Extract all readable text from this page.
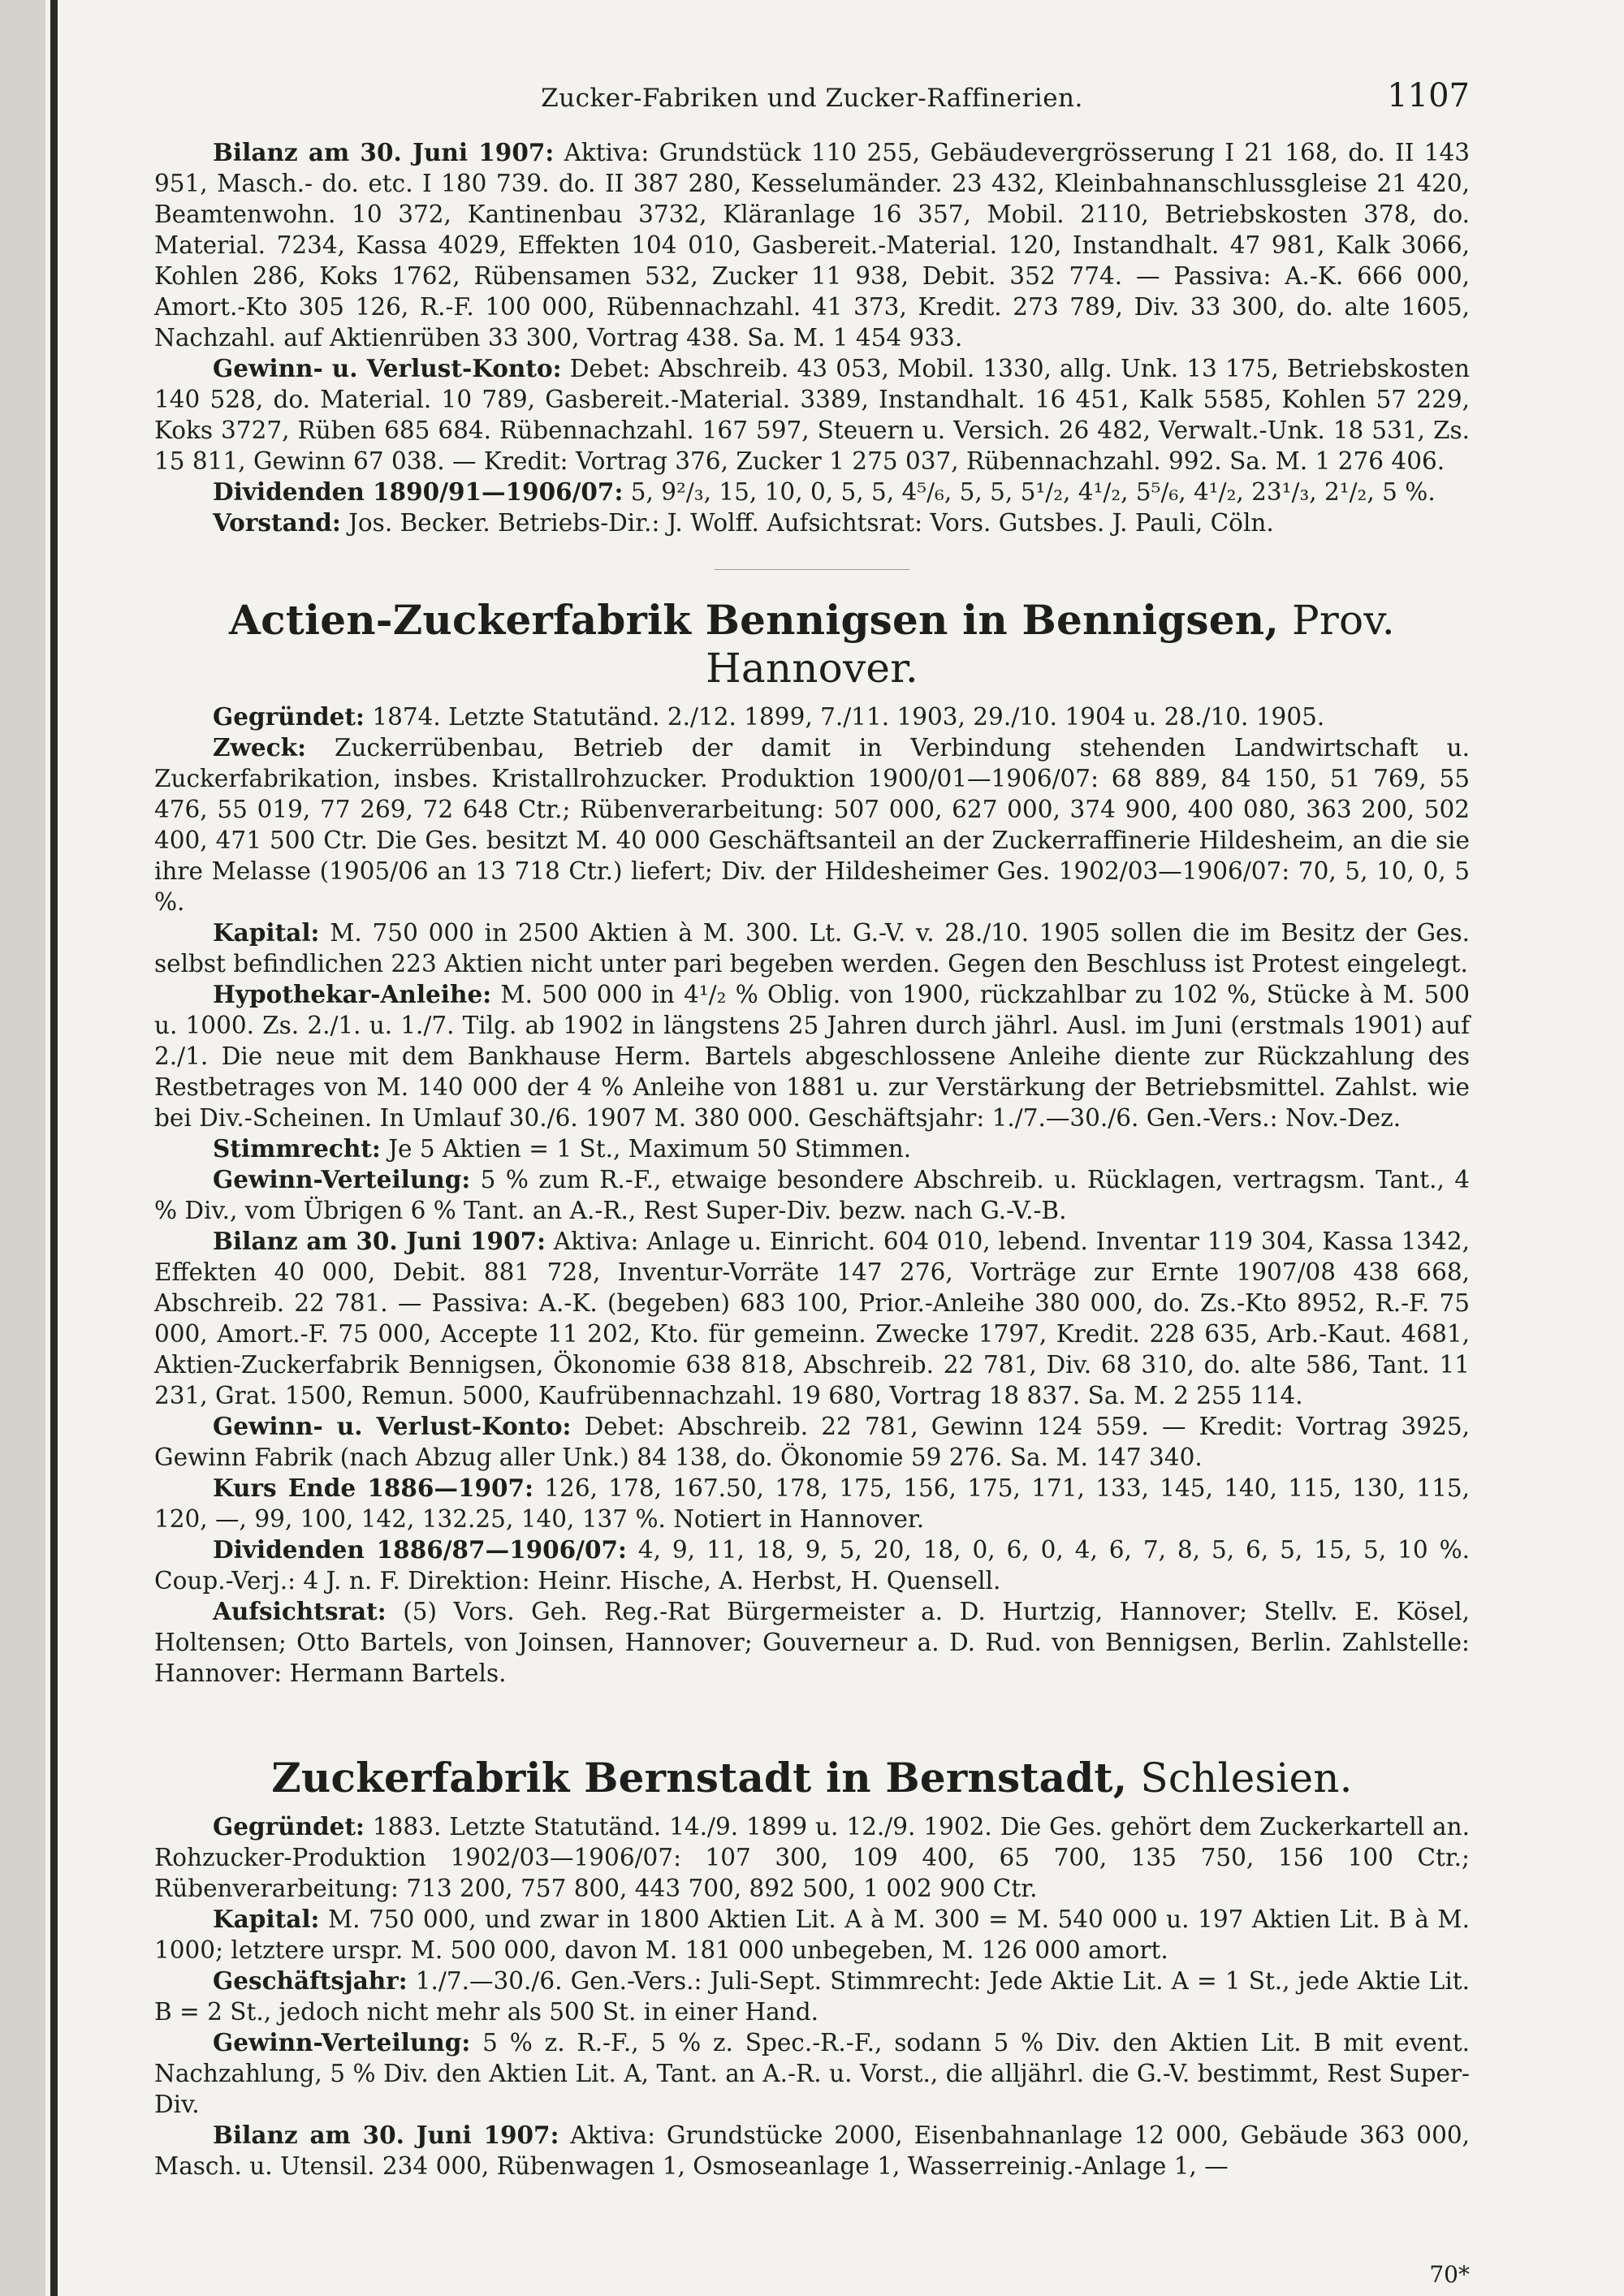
Zucker-Fabriken und Zucker-Raffinerien.	1107

Bilanz am 30. Juni 1907: Aktiva: Grundstück 110 255, Gebäudevergrösserung I 21 168, do. II 143 951, Masch.- do. etc. I 180 739. do. II 387 280, Kesselumänder. 23 432, Kleinbahnanschlussgleise 21 420, Beamtenwohn. 10 372, Kantinenbau 3732, Kläranlage 16 357, Mobil. 2110, Betriebskosten 378, do. Material. 7234, Kassa 4029, Effekten 104 010, Gasbereit.-Material. 120, Instandhalt. 47 981, Kalk 3066, Kohlen 286, Koks 1762, Rübensamen 532, Zucker 11 938, Debit. 352 774. — Passiva: A.-K. 666 000, Amort.-Kto 305 126, R.-F. 100 000, Rübennachzahl. 41 373, Kredit. 273 789, Div. 33 300, do. alte 1605, Nachzahl. auf Aktienrüben 33 300, Vortrag 438. Sa. M. 1 454 933.

Gewinn- u. Verlust-Konto: Debet: Abschreib. 43 053, Mobil. 1330, allg. Unk. 13 175, Betriebskosten 140 528, do. Material. 10 789, Gasbereit.-Material. 3389, Instandhalt. 16 451, Kalk 5585, Kohlen 57 229, Koks 3727, Rüben 685 684. Rübennachzahl. 167 597, Steuern u. Versich. 26 482, Verwalt.-Unk. 18 531, Zs. 15 811, Gewinn 67 038. — Kredit: Vortrag 376, Zucker 1 275 037, Rübennachzahl. 992. Sa. M. 1 276 406.

Dividenden 1890/91—1906/07: 5, 9²/₃, 15, 10, 0, 5, 5, 4⁵/₆, 5, 5, 5¹/₂, 4¹/₂, 5⁵/₆, 4¹/₂, 23¹/₃, 2¹/₂, 5 %.

Vorstand: Jos. Becker. Betriebs-Dir.: J. Wolff. Aufsichtsrat: Vors. Gutsbes. J. Pauli, Cöln.

Actien-Zuckerfabrik Bennigsen in Bennigsen, Prov. Hannover.

Gegründet: 1874. Letzte Statutänd. 2./12. 1899, 7./11. 1903, 29./10. 1904 u. 28./10. 1905.

Zweck: Zuckerrübenbau, Betrieb der damit in Verbindung stehenden Landwirtschaft u. Zuckerfabrikation, insbes. Kristallrohzucker. Produktion 1900/01—1906/07: 68 889, 84 150, 51 769, 55 476, 55 019, 77 269, 72 648 Ctr.; Rübenverarbeitung: 507 000, 627 000, 374 900, 400 080, 363 200, 502 400, 471 500 Ctr. Die Ges. besitzt M. 40 000 Geschäftsanteil an der Zuckerraffinerie Hildesheim, an die sie ihre Melasse (1905/06 an 13 718 Ctr.) liefert; Div. der Hildesheimer Ges. 1902/03—1906/07: 70, 5, 10, 0, 5 %.

Kapital: M. 750 000 in 2500 Aktien à M. 300. Lt. G.-V. v. 28./10. 1905 sollen die im Besitz der Ges. selbst befindlichen 223 Aktien nicht unter pari begeben werden. Gegen den Beschluss ist Protest eingelegt.

Hypothekar-Anleihe: M. 500 000 in 4¹/₂ % Oblig. von 1900, rückzahlbar zu 102 %, Stücke à M. 500 u. 1000. Zs. 2./1. u. 1./7. Tilg. ab 1902 in längstens 25 Jahren durch jährl. Ausl. im Juni (erstmals 1901) auf 2./1. Die neue mit dem Bankhause Herm. Bartels abgeschlossene Anleihe diente zur Rückzahlung des Restbetrages von M. 140 000 der 4 % Anleihe von 1881 u. zur Verstärkung der Betriebsmittel. Zahlst. wie bei Div.-Scheinen. In Umlauf 30./6. 1907 M. 380 000. Geschäftsjahr: 1./7.—30./6. Gen.-Vers.: Nov.-Dez.

Stimmrecht: Je 5 Aktien = 1 St., Maximum 50 Stimmen.

Gewinn-Verteilung: 5 % zum R.-F., etwaige besondere Abschreib. u. Rücklagen, vertragsm. Tant., 4 % Div., vom Übrigen 6 % Tant. an A.-R., Rest Super-Div. bezw. nach G.-V.-B.

Bilanz am 30. Juni 1907: Aktiva: Anlage u. Einricht. 604 010, lebend. Inventar 119 304, Kassa 1342, Effekten 40 000, Debit. 881 728, Inventur-Vorräte 147 276, Vorträge zur Ernte 1907/08 438 668, Abschreib. 22 781. — Passiva: A.-K. (begeben) 683 100, Prior.-Anleihe 380 000, do. Zs.-Kto 8952, R.-F. 75 000, Amort.-F. 75 000, Accepte 11 202, Kto. für gemeinn. Zwecke 1797, Kredit. 228 635, Arb.-Kaut. 4681, Aktien-Zuckerfabrik Bennigsen, Ökonomie 638 818, Abschreib. 22 781, Div. 68 310, do. alte 586, Tant. 11 231, Grat. 1500, Remun. 5000, Kaufrübennachzahl. 19 680, Vortrag 18 837. Sa. M. 2 255 114.

Gewinn- u. Verlust-Konto: Debet: Abschreib. 22 781, Gewinn 124 559. — Kredit: Vortrag 3925, Gewinn Fabrik (nach Abzug aller Unk.) 84 138, do. Ökonomie 59 276. Sa. M. 147 340.

Kurs Ende 1886—1907: 126, 178, 167.50, 178, 175, 156, 175, 171, 133, 145, 140, 115, 130, 115, 120, —, 99, 100, 142, 132.25, 140, 137 %. Notiert in Hannover.

Dividenden 1886/87—1906/07: 4, 9, 11, 18, 9, 5, 20, 18, 0, 6, 0, 4, 6, 7, 8, 5, 6, 5, 15, 5, 10 %. Coup.-Verj.: 4 J. n. F. Direktion: Heinr. Hische, A. Herbst, H. Quensell.

Aufsichtsrat: (5) Vors. Geh. Reg.-Rat Bürgermeister a. D. Hurtzig, Hannover; Stellv. E. Kösel, Holtensen; Otto Bartels, von Joinsen, Hannover; Gouverneur a. D. Rud. von Bennigsen, Berlin. Zahlstelle: Hannover: Hermann Bartels.

Zuckerfabrik Bernstadt in Bernstadt, Schlesien.

Gegründet: 1883. Letzte Statutänd. 14./9. 1899 u. 12./9. 1902. Die Ges. gehört dem Zuckerkartell an. Rohzucker-Produktion 1902/03—1906/07: 107 300, 109 400, 65 700, 135 750, 156 100 Ctr.; Rübenverarbeitung: 713 200, 757 800, 443 700, 892 500, 1 002 900 Ctr.

Kapital: M. 750 000, und zwar in 1800 Aktien Lit. A à M. 300 = M. 540 000 u. 197 Aktien Lit. B à M. 1000; letztere urspr. M. 500 000, davon M. 181 000 unbegeben, M. 126 000 amort.

Geschäftsjahr: 1./7.—30./6. Gen.-Vers.: Juli-Sept. Stimmrecht: Jede Aktie Lit. A = 1 St., jede Aktie Lit. B = 2 St., jedoch nicht mehr als 500 St. in einer Hand.

Gewinn-Verteilung: 5 % z. R.-F., 5 % z. Spec.-R.-F., sodann 5 % Div. den Aktien Lit. B mit event. Nachzahlung, 5 % Div. den Aktien Lit. A, Tant. an A.-R. u. Vorst., die alljährl. die G.-V. bestimmt, Rest Super-Div.

Bilanz am 30. Juni 1907: Aktiva: Grundstücke 2000, Eisenbahnanlage 12 000, Gebäude 363 000, Masch. u. Utensil. 234 000, Rübenwagen 1, Osmoseanlage 1, Wasserreinig.-Anlage 1, —

70*
